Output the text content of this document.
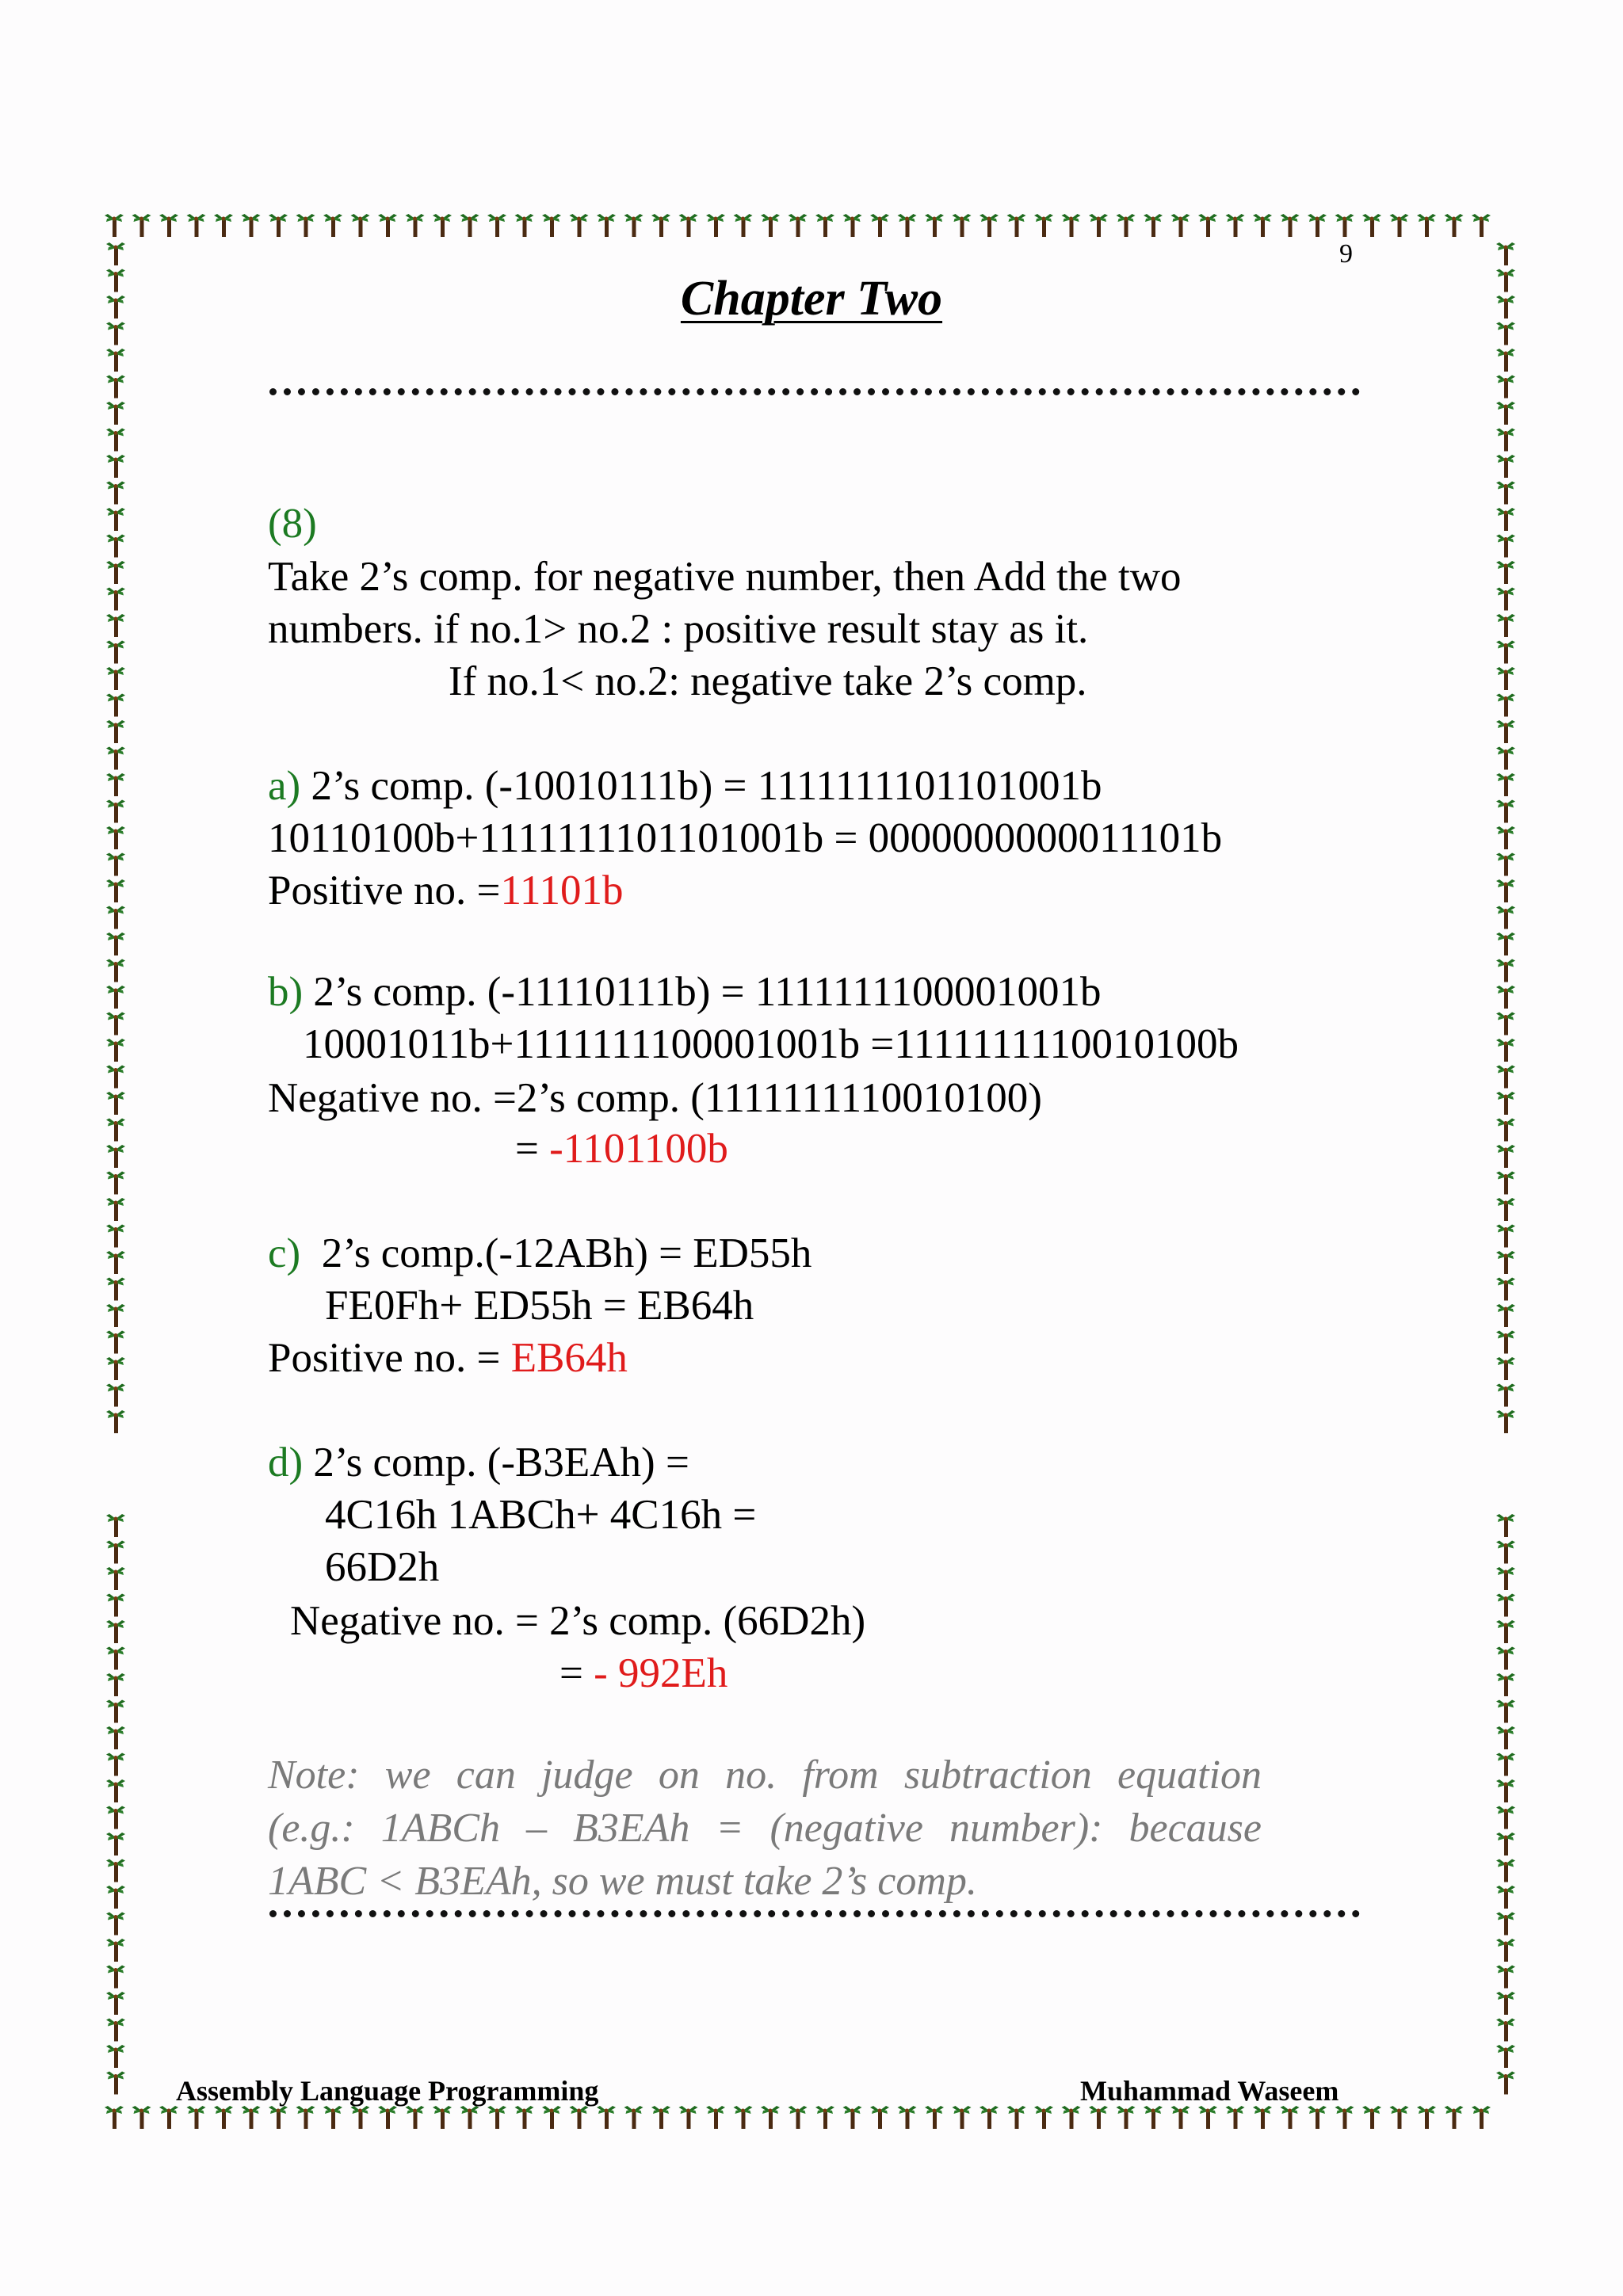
9
Chapter Two
(8)
Take 2’s comp. for negative number, then Add the two
numbers. if no.1> no.2 : positive result stay as it.
If no.1< no.2: negative take 2’s comp.
a) 2’s comp. (-10010111b) = 1111111101101001b
10110100b+1111111101101001b = 0000000000011101b
Positive no. =11101b
b) 2’s comp. (-11110111b) = 1111111100001001b
10001011b+1111111100001001b =1111111110010100b
Negative no. =2’s comp. (1111111110010100)
= -1101100b
c)  2’s comp.(-12ABh) = ED55h
FE0Fh+ ED55h = EB64h
Positive no. = EB64h
d) 2’s comp. (-B3EAh) =
4C16h 1ABCh+ 4C16h =
66D2h
Negative no. = 2’s comp. (66D2h)
= - 992Eh
Note: we can judge on no. from subtraction equation
(e.g.: 1ABCh – B3EAh = (negative number): because
1ABC < B3EAh, so we must take 2’s comp.
Assembly Language Programming	Muhammad Waseem
